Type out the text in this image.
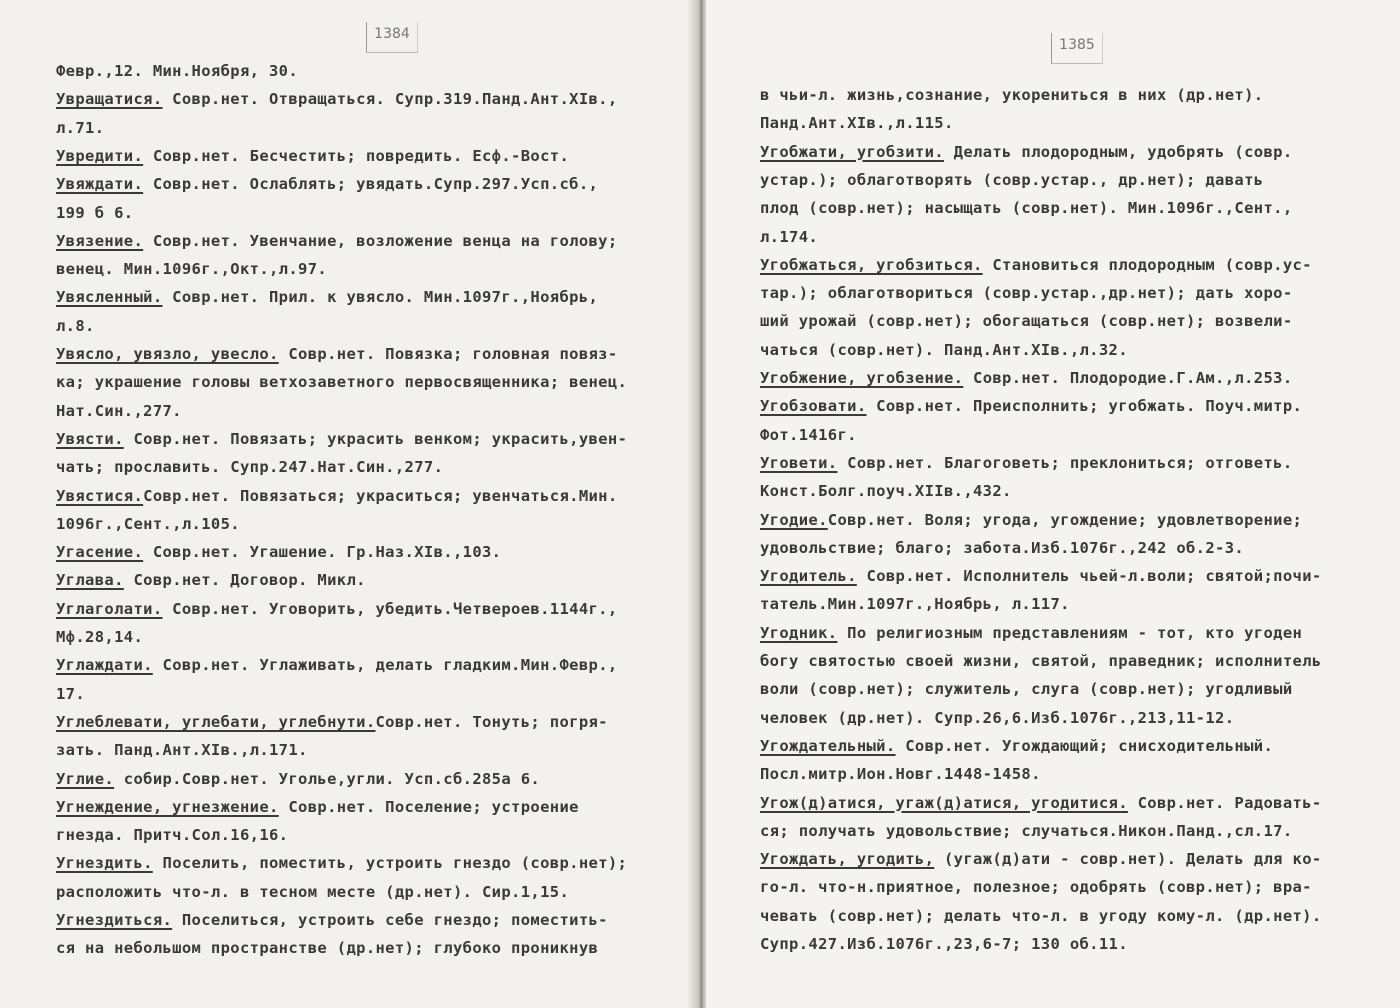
1384
Февр.,12. Мин.Ноября, 30.
Увращатися. Совр.нет. Отвращаться. Супр.319.Панд.Ант.ХIв.,
л.71.
Увредити. Совр.нет. Бесчестить; повредить. Есф.-Вост.
Увяждати. Совр.нет. Ослаблять; увядать.Супр.297.Усп.сб.,
199 б 6.
Увязение. Совр.нет. Увенчание, возложение венца на голову;
венец. Мин.1096г.,Окт.,л.97.
Увясленный. Совр.нет. Прил. к увясло. Мин.1097г.,Ноябрь,
л.8.
Увясло, увязло, увесло. Совр.нет. Повязка; головная повяз-
ка; украшение головы ветхозаветного первосвященника; венец.
Нат.Син.,277.
Увясти. Совр.нет. Повязать; украсить венком; украсить,увен-
чать; прославить. Супр.247.Нат.Син.,277.
Увястися.Совр.нет. Повязаться; украситься; увенчаться.Мин.
1096г.,Сент.,л.105.
Угасение. Совр.нет. Угашение. Гр.Наз.XIв.,103.
Углава. Совр.нет. Договор. Микл.
Углаголати. Совр.нет. Уговорить, убедить.Четвероев.1144г.,
Мф.28,14.
Углаждати. Совр.нет. Углаживать, делать гладким.Мин.Февр.,
17.
Углеблевати, углебати, углебнути.Совр.нет. Тонуть; погря-
зать. Панд.Ант.XIв.,л.171.
Углие. собир.Совр.нет. Уголье,угли. Усп.сб.285а 6.
Угнеждение, угнезжение. Совр.нет. Поселение; устроение
гнезда. Притч.Сол.16,16.
Угнездить. Поселить, поместить, устроить гнездо (совр.нет);
расположить что-л. в тесном месте (др.нет). Сир.1,15.
Угнездиться. Поселиться, устроить себе гнездо; поместить-
ся на небольшом пространстве (др.нет); глубоко проникнув
1385
в чьи-л. жизнь,сознание, укорениться в них (др.нет).
Панд.Ант.XIв.,л.115.
Угобжати, угобзити. Делать плодородным, удобрять (совр.
устар.); облаготворять (совр.устар., др.нет); давать
плод (совр.нет); насыщать (совр.нет). Мин.1096г.,Сент.,
л.174.
Угобжаться, угобзиться. Становиться плодородным (совр.ус-
тар.); облаготвориться (совр.устар.,др.нет); дать хоро-
ший урожай (совр.нет); обогащаться (совр.нет); возвели-
чаться (совр.нет). Панд.Ант.XIв.,л.32.
Угобжение, угобзение. Совр.нет. Плодородие.Г.Ам.,л.253.
Угобзовати. Совр.нет. Преисполнить; угобжать. Поуч.митр.
Фот.1416г.
Уговети. Совр.нет. Благоговеть; преклониться; отговеть.
Конст.Болг.поуч.XIIв.,432.
Угодие.Совр.нет. Воля; угода, угождение; удовлетворение;
удовольствие; благо; забота.Изб.1076г.,242 об.2-3.
Угодитель. Совр.нет. Исполнитель чьей-л.воли; святой;почи-
татель.Мин.1097г.,Ноябрь, л.117.
Угодник. По религиозным представлениям - тот, кто угоден
богу святостью своей жизни, святой, праведник; исполнитель
воли (совр.нет); служитель, слуга (совр.нет); угодливый
человек (др.нет). Супр.26,6.Изб.1076г.,213,11-12.
Угождательный. Совр.нет. Угождающий; снисходительный.
Посл.митр.Ион.Новг.1448-1458.
Угож(д)атися, угаж(д)атися, угодитися. Совр.нет. Радовать-
ся; получать удовольствие; случаться.Никон.Панд.,сл.17.
Угождать, угодить, (угаж(д)ати - совр.нет). Делать для ко-
го-л. что-н.приятное, полезное; одобрять (совр.нет); вра-
чевать (совр.нет); делать что-л. в угоду кому-л. (др.нет).
Супр.427.Изб.1076г.,23,6-7; 130 об.11.
